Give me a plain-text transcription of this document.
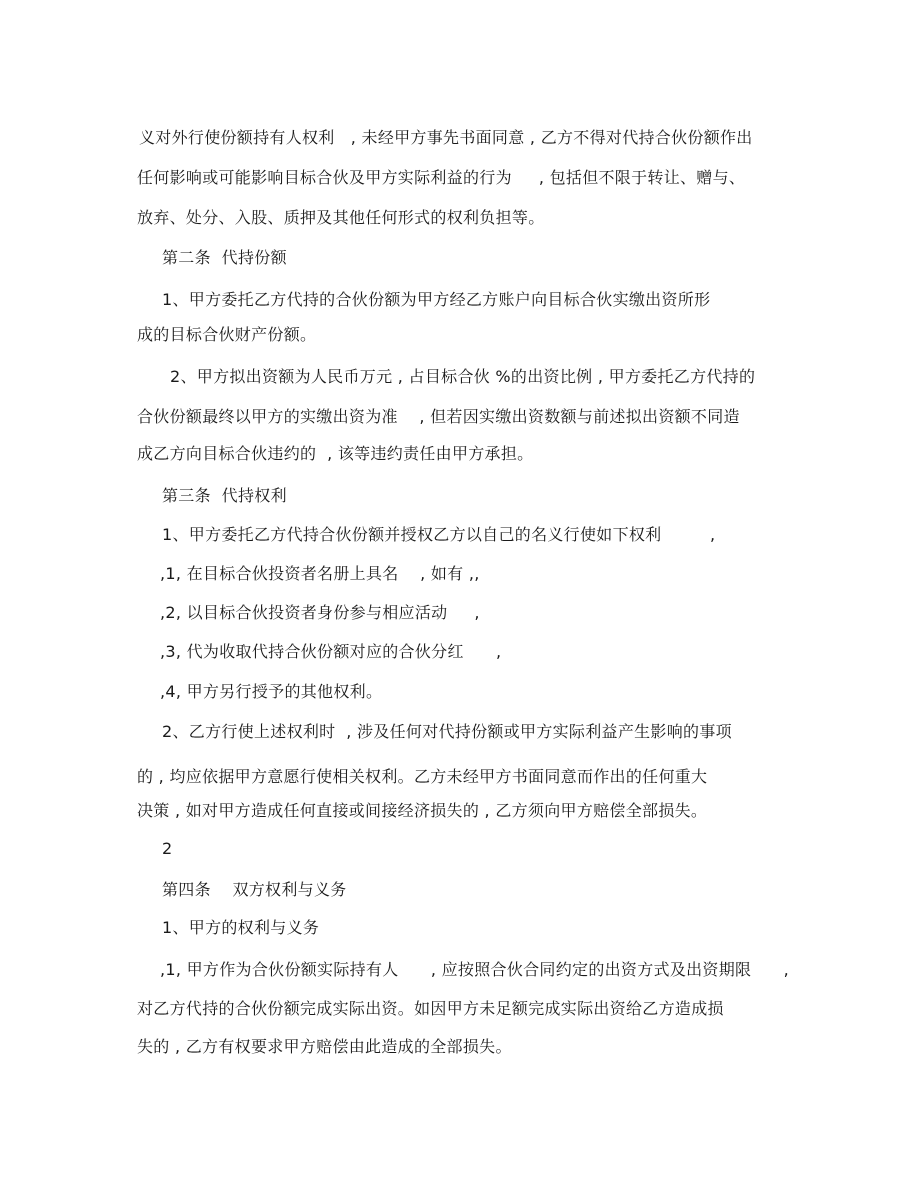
义对外行使份额持有人权利   , 未经甲方事先书面同意 , 乙方不得对代持合伙份额作出
任何影响或可能影响目标合伙及甲方实际利益的行为     , 包括但不限于转让、赠与、
放弃、处分、入股、质押及其他任何形式的权利负担等。
第二条  代持份额
1、甲方委托乙方代持的合伙份额为甲方经乙方账户向目标合伙实缴出资所形
成的目标合伙财产份额。
2、甲方拟出资额为人民币万元 , 占目标合伙 %的出资比例 , 甲方委托乙方代持的
合伙份额最终以甲方的实缴出资为准    , 但若因实缴出资数额与前述拟出资额不同造
成乙方向目标合伙违约的  , 该等违约责任由甲方承担。
第三条  代持权利
1、甲方委托乙方代持合伙份额并授权乙方以自己的名义行使如下权利         ,
,1, 在目标合伙投资者名册上具名    , 如有 ,,
,2, 以目标合伙投资者身份参与相应活动     ,
,3, 代为收取代持合伙份额对应的合伙分红      ,
,4, 甲方另行授予的其他权利。
2、乙方行使上述权利时  , 涉及任何对代持份额或甲方实际利益产生影响的事项
的 , 均应依据甲方意愿行使相关权利。乙方未经甲方书面同意而作出的任何重大
决策 , 如对甲方造成任何直接或间接经济损失的 , 乙方须向甲方赔偿全部损失。
2
第四条    双方权利与义务
1、甲方的权利与义务
,1, 甲方作为合伙份额实际持有人      , 应按照合伙合同约定的出资方式及出资期限      ,
对乙方代持的合伙份额完成实际出资。如因甲方未足额完成实际出资给乙方造成损
失的 , 乙方有权要求甲方赔偿由此造成的全部损失。
